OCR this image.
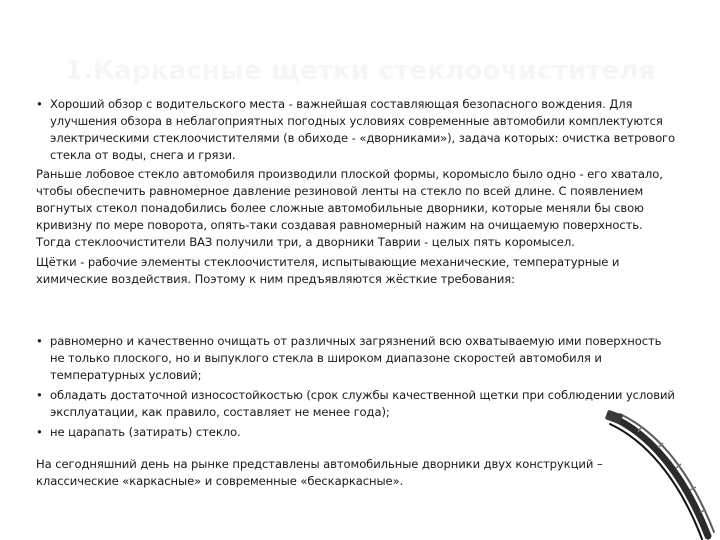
1.Каркасные щетки стеклоочистителя
• Хороший обзор с водительского места - важнейшая составляющая безопасного вождения. Для улучшения обзора в неблагоприятных погодных условиях современные автомобили комплектуются электрическими стеклоочистителями (в обиходе - «дворниками»), задача которых: очистка ветрового стекла от воды, снега и грязи.

Раньше лобовое стекло автомобиля производили плоской формы, коромысло было одно - его хватало, чтобы обеспечить равномерное давление резиновой ленты на стекло по всей длине. С появлением вогнутых стекол понадобились более сложные автомобильные дворники, которые меняли бы свою кривизну по мере поворота, опять-таки создавая равномерный нажим на очищаемую поверхность. Тогда стеклоочистители ВАЗ получили три, а дворники Таврии - целых пять коромысел.

Щётки - рабочие элементы стеклоочистителя, испытывающие механические, температурные и химические воздействия. Поэтому к ним предъявляются жёсткие требования:

• равномерно и качественно очищать от различных загрязнений всю охватываемую ими поверхность не только плоского, но и выпуклого стекла в широком диапазоне скоростей автомобиля и температурных условий;
• обладать достаточной износостойкостью (срок службы качественной щетки при соблюдении условий эксплуатации, как правило, составляет не менее года);
• не царапать (затирать) стекло.

На сегодняшний день на рынке представлены автомобильные дворники двух конструкций – классические «каркасные» и современные «бескаркасные».
